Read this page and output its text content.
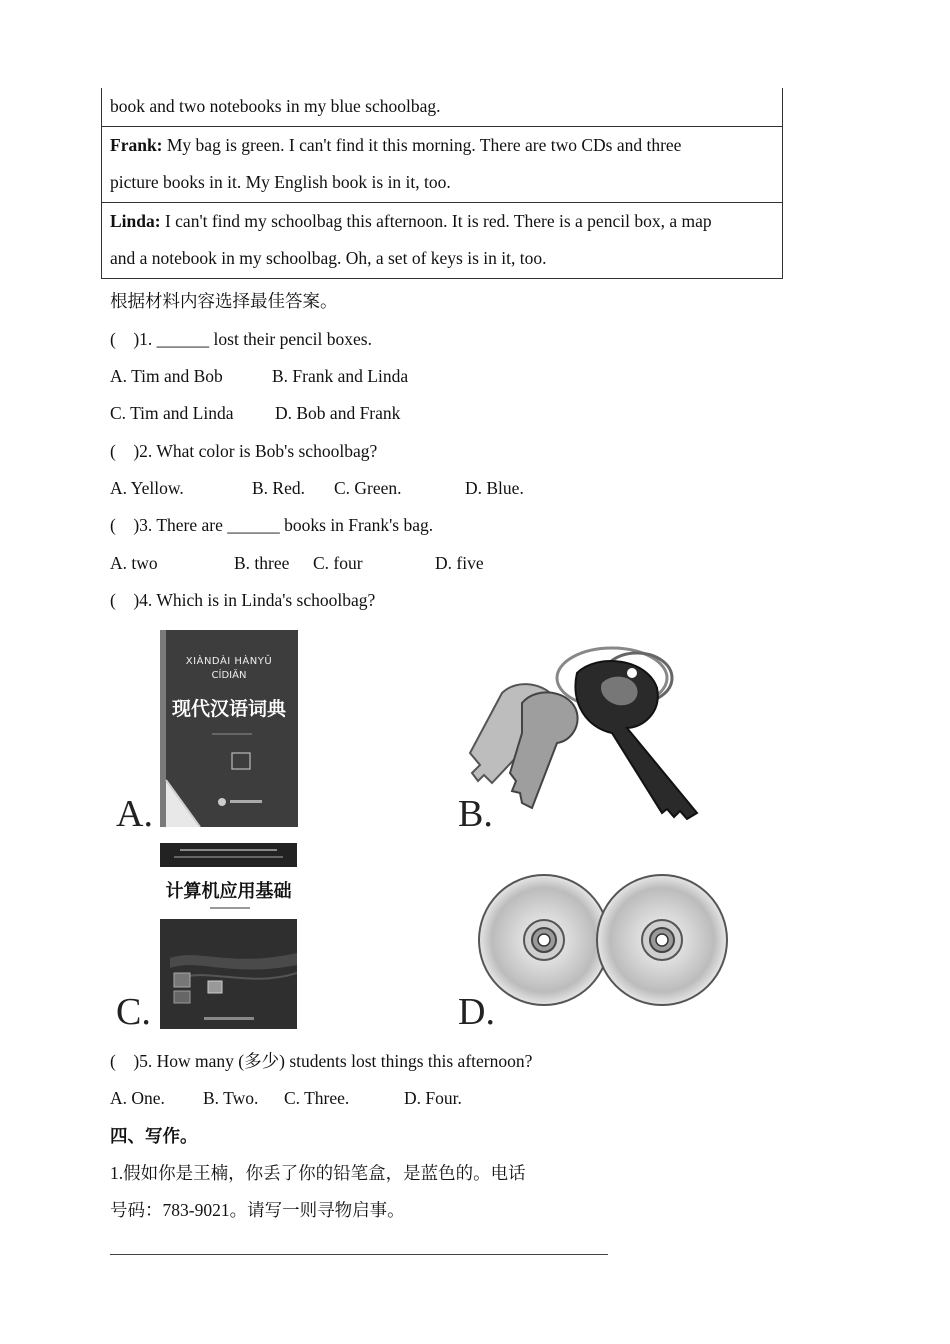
book and two notebooks in my blue schoolbag.
Frank: My bag is green. I can't find it this morning. There are two CDs and three
picture books in it. My English book is in it, too.
Linda: I can't find my schoolbag this afternoon. It is red. There is a pencil box, a map
and a notebook in my schoolbag. Oh, a set of keys is in it, too.
根据材料内容选择最佳答案。
(    )1. ______ lost their pencil boxes.
A. Tim and Bob	B. Frank and Linda
C. Tim and Linda D. Bob and Frank
(    )2. What color is Bob's schoolbag?
A. Yellow.	B. Red. C. Green.	D. Blue.
(    )3. There are ______ books in Frank's bag.
A. two	B. three C. four	D. five
(    )4. Which is in Linda's schoolbag?
XIÀNDÀI HÀNYǓ
CÍDIǍN
现代汉语词典
A.	B.
计算机应用基础
C.	D.
(    )5. How many (多少) students lost things this afternoon?
A. One. B. Two. C. Three.	D. Four.
四、写作。
1.假如你是王楠，你丢了你的铅笔盒，是蓝色的。电话
号码：783-9021。请写一则寻物启事。
